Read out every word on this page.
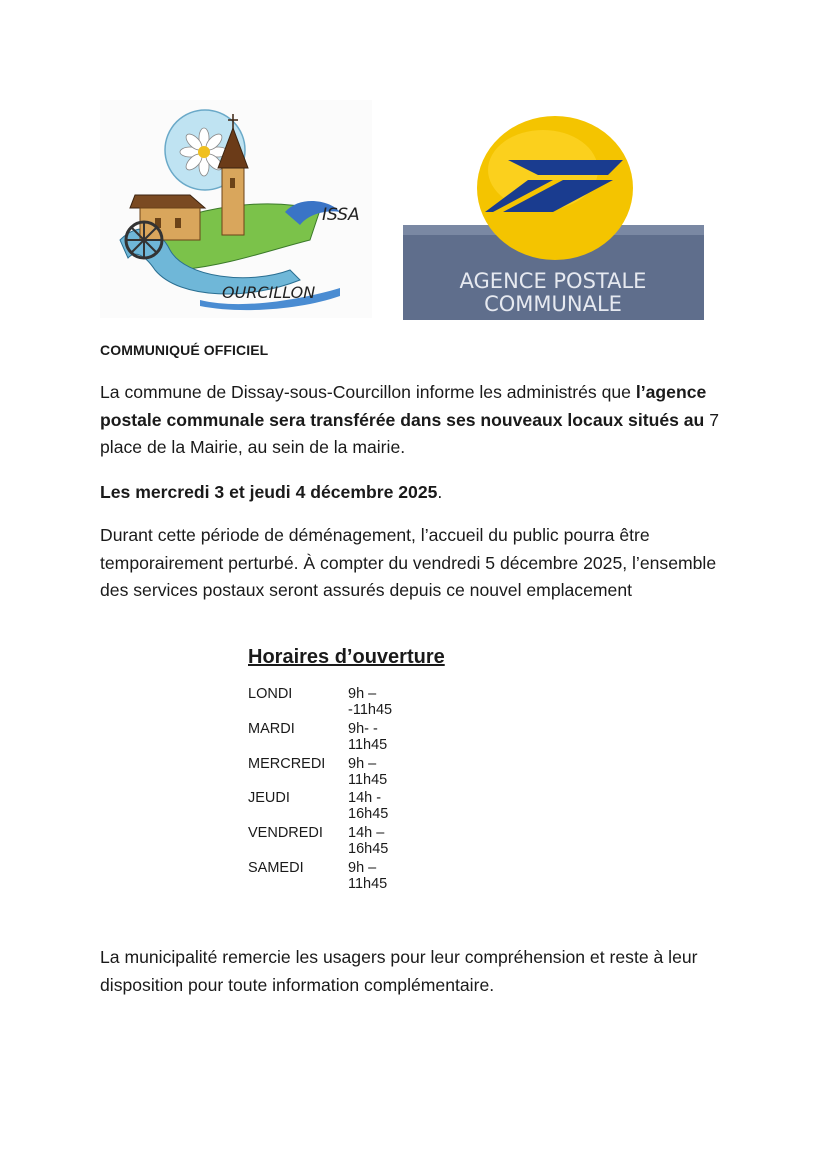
ISSA
OURCILLON	AGENCE POSTALE
COMMUNALE
COMMUNIQUÉ OFFICIEL
La commune de Dissay-sous-Courcillon informe les administrés que l’agence postale communale sera transférée dans ses nouveaux locaux situés au 7 place de la Mairie, au sein de la mairie.
Les mercredi 3 et jeudi 4 décembre 2025.
Durant cette période de déménagement, l’accueil du public pourra être temporairement perturbé. À compter du vendredi 5 décembre 2025, l’ensemble des services postaux seront assurés depuis ce nouvel emplacement
Horaires d’ouverture
LONDI	9h – -11h45
MARDI	9h- - 11h45
MERCREDI 9h – 11h45
JEUDI	14h - 16h45
VENDREDI 14h – 16h45
SAMEDI	9h – 11h45
La municipalité remercie les usagers pour leur compréhension et reste à leur disposition pour toute information complémentaire.
